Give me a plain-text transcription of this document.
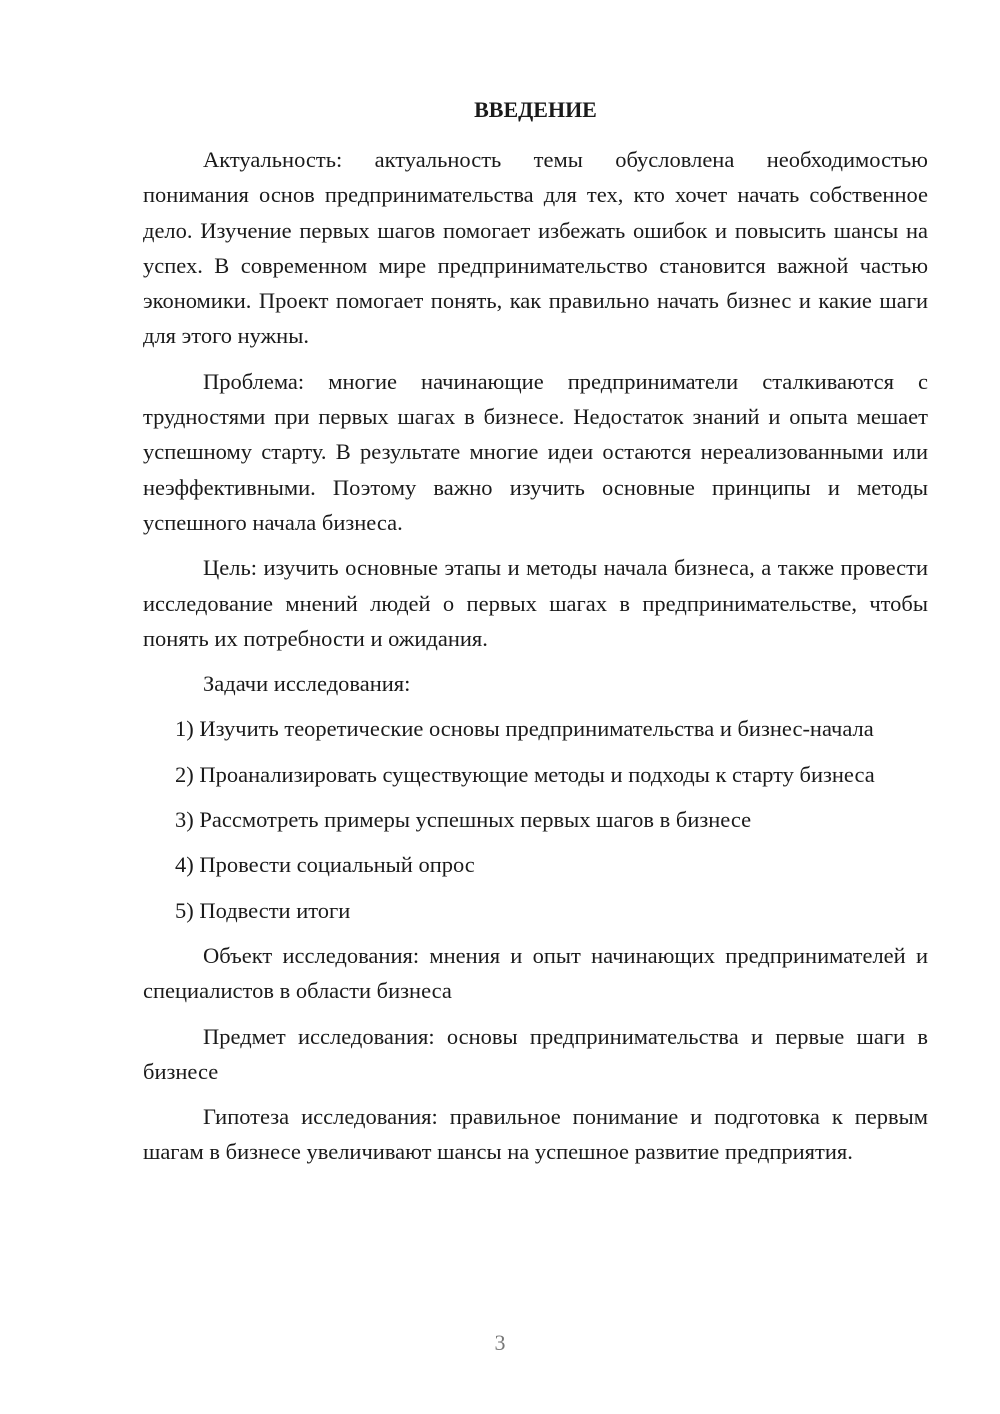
ВВЕДЕНИЕ

Актуальность: актуальность темы обусловлена необходимостью понимания основ предпринимательства для тех, кто хочет начать собственное дело. Изучение первых шагов помогает избежать ошибок и повысить шансы на успех. В современном мире предпринимательство становится важной частью экономики. Проект помогает понять, как правильно начать бизнес и какие шаги для этого нужны.

Проблема: многие начинающие предприниматели сталкиваются с трудностями при первых шагах в бизнесе. Недостаток знаний и опыта мешает успешному старту. В результате многие идеи остаются нереализованными или неэффективными. Поэтому важно изучить основные принципы и методы успешного начала бизнеса.

Цель: изучить основные этапы и методы начала бизнеса, а также провести исследование мнений людей о первых шагах в предпринимательстве, чтобы понять их потребности и ожидания.

Задачи исследования:

1) Изучить теоретические основы предпринимательства и бизнес-начала

2) Проанализировать существующие методы и подходы к старту бизнеса

3) Рассмотреть примеры успешных первых шагов в бизнесе

4) Провести социальный опрос

5) Подвести итоги

Объект исследования: мнения и опыт начинающих предпринимателей и специалистов в области бизнеса

Предмет исследования: основы предпринимательства и первые шаги в бизнесе

Гипотеза исследования: правильное понимание и подготовка к первым шагам в бизнесе увеличивают шансы на успешное развитие предприятия.

3
